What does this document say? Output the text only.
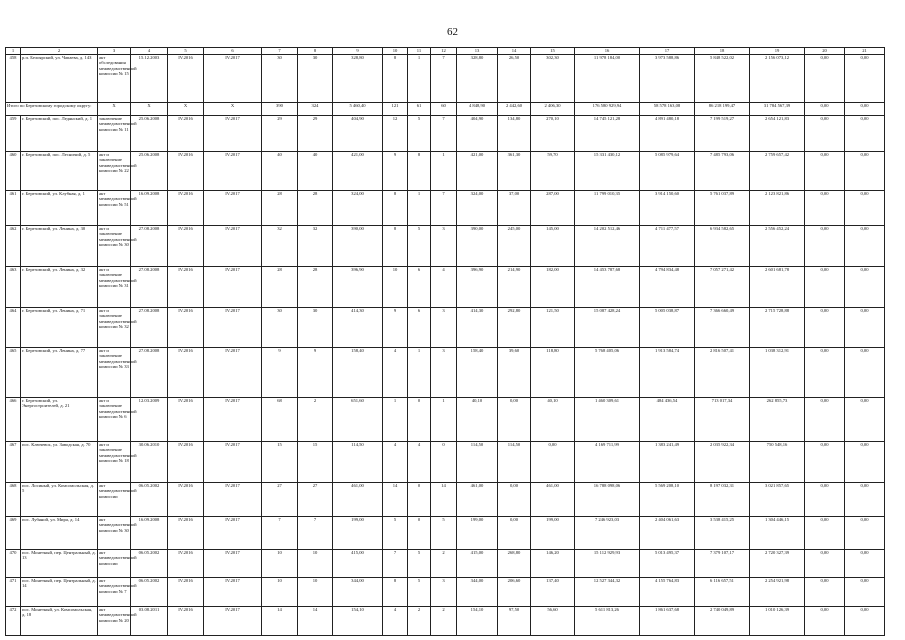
62
1	2	3	4	5	6	7	8	9	10	11	12	13	14	15	16	17	18	19	20	21
458	р.п. Белоярский, ул. Чапаева, д. 14З	акт обследования межведомственной комиссии № 15	15.12.2003	IV.2016	IV.2017	30	30	328,80	8	1	7	328,80	26,50	302,30	11 978 184,00	3 973 588,86	5 848 522,02	2 156 073,12	0,00	0,00
Итого по Березовскому городскому округу:		X	X	X	X	390	324	5 460,40	121	61	60	4 848,90	2 442,60	2 406,30	176 580 929,94	58 578 163,08	86 218 199,47	31 784 567,39	0,00	0,00
459	г. Березовский, пос. Ледянский, д. 1	заключение межведомственной комиссии № 11	25.06.2008	IV.2016	IV.2017	29	29	404,90	12	5	7	404,90	134,80	270,10	14 745 121,28	4 891 480,18	7 199 519,27	2 654 121,83	0,00	0,00
460	г. Березовский, пос. Лесничий, д. 5	акт и заключение межведомственной комиссии № 22	25.06.2008	IV.2016	IV.2017	40	40	421,00	9	8	1	421,00	361,30	59,70	15 331 430,12	5 085 979,64	7 485 793,06	2 759 657,42	0,00	0,00
461	г. Березовский, ул. Клубная, д. 1	акт межведомственной комиссии № 51	16.09.2008	IV.2016	IV.2017	28	28	324,00	8	1	7	324,00	37,00	287,00	11 799 010,35	3 914 150,60	5 761 037,89	2 123 821,86	0,00	0,00
462	г. Березовский, ул. Ленина, д. 30	акт и заключение межведомственной комиссии № 30	27.08.2008	IV.2016	IV.2017	32	32	390,00	8	5	3	390,00	245,00	145,00	14 202 512,46	4 711 477,57	6 934 582,65	2 556 452,24	0,00	0,00
463	г. Березовский, ул. Ленина, д. 32	акт и заключение межведомственной комиссии № 31	27.08.2008	IV.2016	IV.2017	28	28	396,90	10	6	4	396,90	214,90	182,00	14 453 787,68	4 794 834,48	7 057 271,42	2 601 681,78	0,00	0,00
464	г. Березовский, ул. Ленина, д. 71	акт и заключение межведомственной комиссии № 32	27.08.2008	IV.2016	IV.2017	30	30	414,30	9	6	3	414,30	292,80	121,50	15 087 428,24	5 005 038,87	7 366 660,49	2 715 728,88	0,00	0,00
465	г. Березовский, ул. Ленина, д. 77	акт и заключение межведомственной комиссии № 33	27.08.2008	IV.2016	IV.2017	9	9	158,40	4	1	3	158,40	39,60	118,80	5 768 405,06	1 913 584,74	2 816 507,41	1 038 312,91	0,00	0,00
466	г. Березовский, ул. Энергостроителей, д. 21	акт и заключение межведомственной комиссии № 6	12.03.2009	IV.2016	IV.2017	68	2	651,60	1	0	1	40,10	0,00	40,10	1 460 309,61	484 436,54	713 017,34	262 855,73	0,00	0,00
467	пос. Ключевск, ул. Заводская, д. 70	акт и заключение межведомственной комиссии № 18	30.06.2010	IV.2016	IV.2017	15	15	114,50	4	4	0	114,50	114,50	0,00	4 169 711,99	1 383 241,49	2 035 922,34	750 548,16	0,00	0,00
468	пос. Лосиный, ул. Комсомольская, д. 5	акт межведомственной комиссии	06.05.2002	IV.2016	IV.2017	27	27	461,00	14	0	14	461,00	0,00	461,00	16 788 098,06	5 569 208,10	8 197 032,31	3 021 857,65	0,00	0,00
469	пос. Лубяной, ул. Мира, д. 14	акт межведомственной комиссии № 30	16.09.2008	IV.2016	IV.2017	7	7	199,00	5	0	5	199,00	0,00	199,00	7 246 923,03	2 404 061,63	3 538 415,25	1 304 446,15	0,00	0,00
470	пос. Монетный, пер. Центральный, д. 13	акт межведомственной комиссии	06.05.2002	IV.2016	IV.2017	10	10	415,00	7	5	2	415,00	268,80	146,20	15 112 929,93	5 013 495,37	7 379 107,17	2 720 327,39	0,00	0,00
471	пос. Монетный, пер. Центральный, д. 14	акт межведомственной комиссии № 7	06.05.2002	IV.2016	IV.2017	10	10	344,00	8	5	3	344,00	206,60	137,40	12 527 344,32	4 155 764,83	6 116 657,51	2 254 921,98	0,00	0,00
472	пос. Монетный, ул. Комсомольская, д. 18	акт межведомственной комиссии № 20	03.08.2011	IV.2016	IV.2017	14	14	154,10	4	2	2	154,10	97,50	56,60	5 611 813,26	1 861 637,68	2 740 049,89	1 010 126,39	0,00	0,00
